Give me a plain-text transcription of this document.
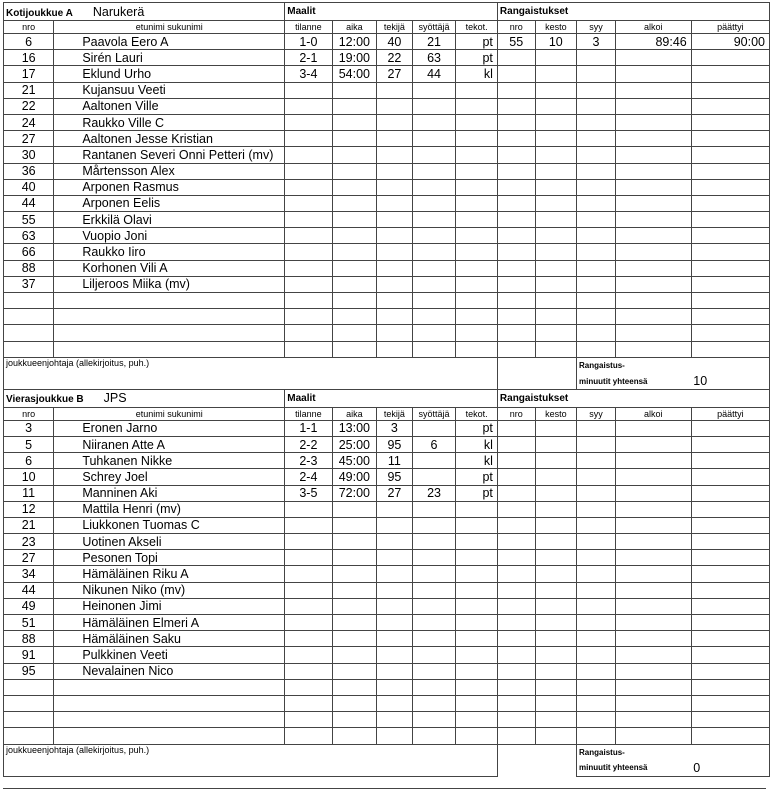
Kotijoukkue A Narukerä		Maalit					Rangaistukset				
nro	etunimi sukunimi	tilanne	aika	tekijä	syöttäjä	tekot.	nro	kesto	syy	alkoi	päättyi
6	Paavola Eero A	1-0	12:00	40	21	pt	55	10	3	89:46	90:00
16	Sirén Lauri	2-1	19:00	22	63	pt					
17	Eklund Urho	3-4	54:00	27	44	kl					
21	Kujansuu Veeti										
22	Aaltonen Ville										
24	Raukko Ville C										
27	Aaltonen Jesse Kristian										
30	Rantanen Severi Onni Petteri (mv)										
36	Mårtensson Alex										
40	Arponen Rasmus										
44	Arponen Eelis										
55	Erkkilä Olavi										
63	Vuopio Joni										
66	Raukko Iiro										
88	Korhonen Vili A										
37	Liljeroos Miika (mv)										

joukkueenjohtaja (allekirjoitus, puh.)									Rangaistus-		
									minuutit yhteensä		10
Vierasjoukkue B JPS		Maalit					Rangaistukset				
nro	etunimi sukunimi	tilanne	aika	tekijä	syöttäjä	tekot.	nro	kesto	syy	alkoi	päättyi
3	Eronen Jarno	1-1	13:00	3		pt					
5	Niiranen Atte A	2-2	25:00	95	6	kl					
6	Tuhkanen Nikke	2-3	45:00	11		kl					
10	Schrey Joel	2-4	49:00	95		pt					
11	Manninen Aki	3-5	72:00	27	23	pt					
12	Mattila Henri (mv)										
21	Liukkonen Tuomas C										
23	Uotinen Akseli										
27	Pesonen Topi										
34	Hämäläinen Riku A										
44	Nikunen Niko (mv)										
49	Heinonen Jimi										
51	Hämäläinen Elmeri A										
88	Hämäläinen Saku										
91	Pulkkinen Veeti										
95	Nevalainen Nico										

joukkueenjohtaja (allekirjoitus, puh.)									Rangaistus-		
									minuutit yhteensä		0
